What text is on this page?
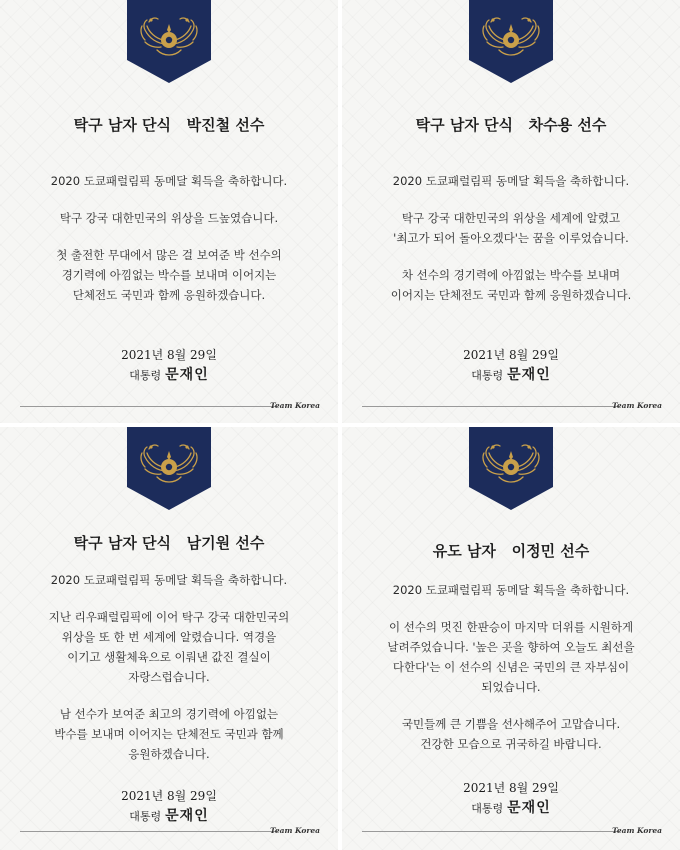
탁구 남자 단식   박진철 선수
2020 도쿄패럴림픽 동메달 획득을 축하합니다.
탁구 강국 대한민국의 위상을 드높였습니다.
첫 출전한 무대에서 많은 걸 보여준 박 선수의
경기력에 아낌없는 박수를 보내며 이어지는
단체전도 국민과 함께 응원하겠습니다.
2021년 8월 29일
대통령 문재인
Team Korea
탁구 남자 단식   차수용 선수
2020 도쿄패럴림픽 동메달 획득을 축하합니다.
탁구 강국 대한민국의 위상을 세계에 알렸고
'최고가 되어 돌아오겠다'는 꿈을 이루었습니다.
차 선수의 경기력에 아낌없는 박수를 보내며
이어지는 단체전도 국민과 함께 응원하겠습니다.
2021년 8월 29일
대통령 문재인
Team Korea
탁구 남자 단식   남기원 선수
2020 도쿄패럴림픽 동메달 획득을 축하합니다.
지난 리우패럴림픽에 이어 탁구 강국 대한민국의
위상을 또 한 번 세계에 알렸습니다. 역경을
이기고 생활체육으로 이뤄낸 값진 결실이
자랑스럽습니다.
남 선수가 보여준 최고의 경기력에 아낌없는
박수를 보내며 이어지는 단체전도 국민과 함께
응원하겠습니다.
2021년 8월 29일
대통령 문재인
Team Korea
유도 남자   이정민 선수
2020 도쿄패럴림픽 동메달 획득을 축하합니다.
이 선수의 멋진 한판승이 마지막 더위를 시원하게
날려주었습니다. '높은 곳을 향하여 오늘도 최선을
다한다'는 이 선수의 신념은 국민의 큰 자부심이
되었습니다.
국민들께 큰 기쁨을 선사해주어 고맙습니다.
건강한 모습으로 귀국하길 바랍니다.
2021년 8월 29일
대통령 문재인
Team Korea
